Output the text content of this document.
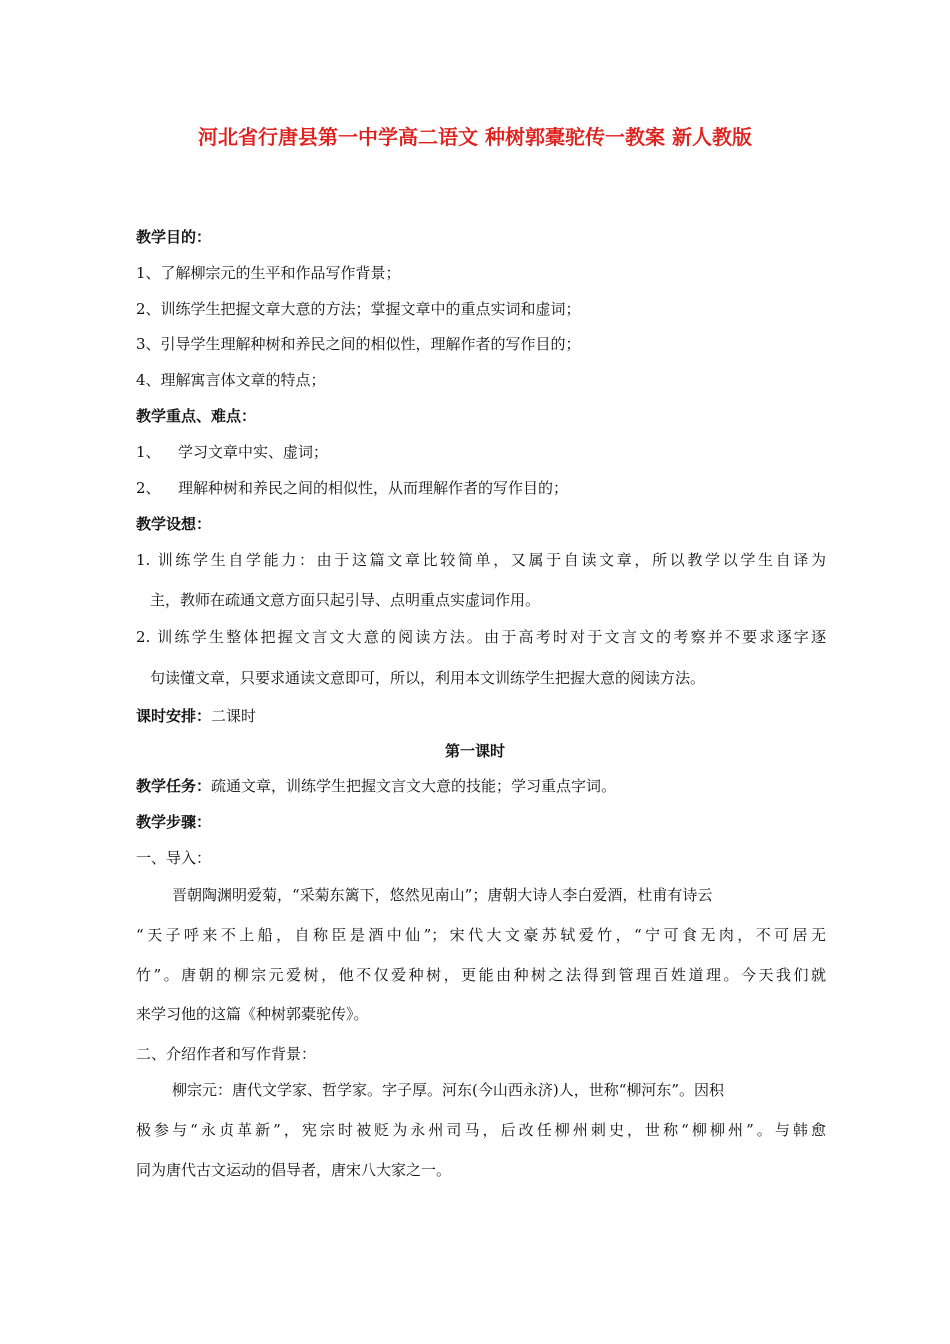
河北省行唐县第一中学高二语文 种树郭橐驼传一教案 新人教版
教学目的：
1、了解柳宗元的生平和作品写作背景；
2、训练学生把握文章大意的方法；掌握文章中的重点实词和虚词；
3、引导学生理解种树和养民之间的相似性，理解作者的写作目的；
4、理解寓言体文章的特点；
教学重点、难点：
1、 学习文章中实、虚词；
2、 理解种树和养民之间的相似性，从而理解作者的写作目的；
教学设想：
1. 训练学生自学能力：由于这篇文章比较简单，又属于自读文章，所以教学以学生自译为
主，教师在疏通文意方面只起引导、点明重点实虚词作用。
2. 训练学生整体把握文言文大意的阅读方法。由于高考时对于文言文的考察并不要求逐字逐
句读懂文章，只要求通读文意即可，所以，利用本文训练学生把握大意的阅读方法。
课时安排：二课时
第一课时
教学任务：疏通文章，训练学生把握文言文大意的技能；学习重点字词。
教学步骤：
一、导入：
晋朝陶渊明爱菊，“采菊东篱下，悠然见南山”；唐朝大诗人李白爱酒，杜甫有诗云
“天子呼来不上船，自称臣是酒中仙”；宋代大文豪苏轼爱竹，“宁可食无肉，不可居无
竹”。唐朝的柳宗元爱树，他不仅爱种树，更能由种树之法得到管理百姓道理。今天我们就
来学习他的这篇《种树郭橐驼传》。
二、介绍作者和写作背景：
柳宗元：唐代文学家、哲学家。字子厚。河东(今山西永济)人，世称“柳河东”。因积
极参与“永贞革新”，宪宗时被贬为永州司马，后改任柳州刺史，世称“柳柳州”。与韩愈
同为唐代古文运动的倡导者，唐宋八大家之一。
